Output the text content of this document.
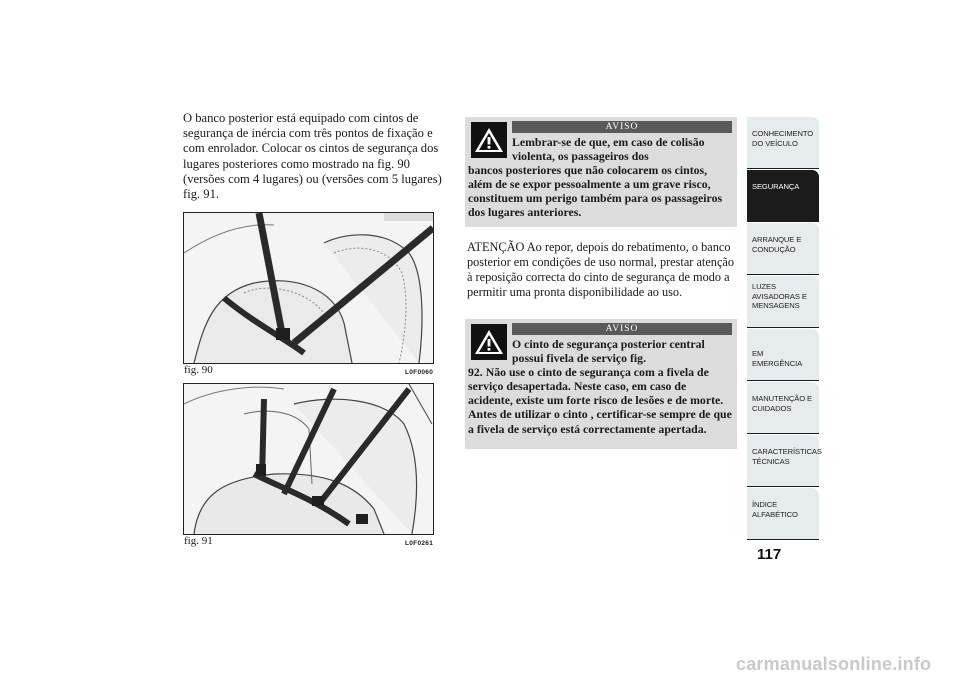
O banco posterior está equipado com cintos de segurança de inércia com três pontos de fixação e com enrolador. Colocar os cintos de segurança dos lugares posteriores como mostrado na fig. 90 (versões com 4 lugares) ou (versões com 5 lugares) fig. 91.

fig. 90	L0F0060
fig. 91	L0F0261
AVISO

Lembrar-se de que, em caso de colisão violenta, os passageiros dos
bancos posteriores que não colocarem os cintos, além de se expor pessoalmente a um grave risco, constituem um perigo também para os passageiros dos lugares anteriores.

ATENÇÃO Ao repor, depois do rebatimento, o banco posterior em condições de uso normal, prestar atenção à reposição correcta do cinto de segurança de modo a permitir uma pronta disponibilidade ao uso.

AVISO

O cinto de segurança posterior central possui fivela de serviço fig.
92. Não use o cinto de segurança com a fivela de serviço desapertada. Neste caso, em caso de acidente, existe um forte risco de lesões e de morte. Antes de utilizar o cinto , certificar-se sempre de que a fivela de serviço está correctamente apertada.

CONHECIMENTO
DO VEÍCULO
SEGURANÇA
ARRANQUE E
CONDUÇÃO
LUZES
AVISADORAS E
MENSAGENS
EM EMERGÊNCIA
MANUTENÇÃO E
CUIDADOS
CARACTERÍSTICAS
TÉCNICAS
ÍNDICE
ALFABÉTICO
117
carmanualsonline.info
